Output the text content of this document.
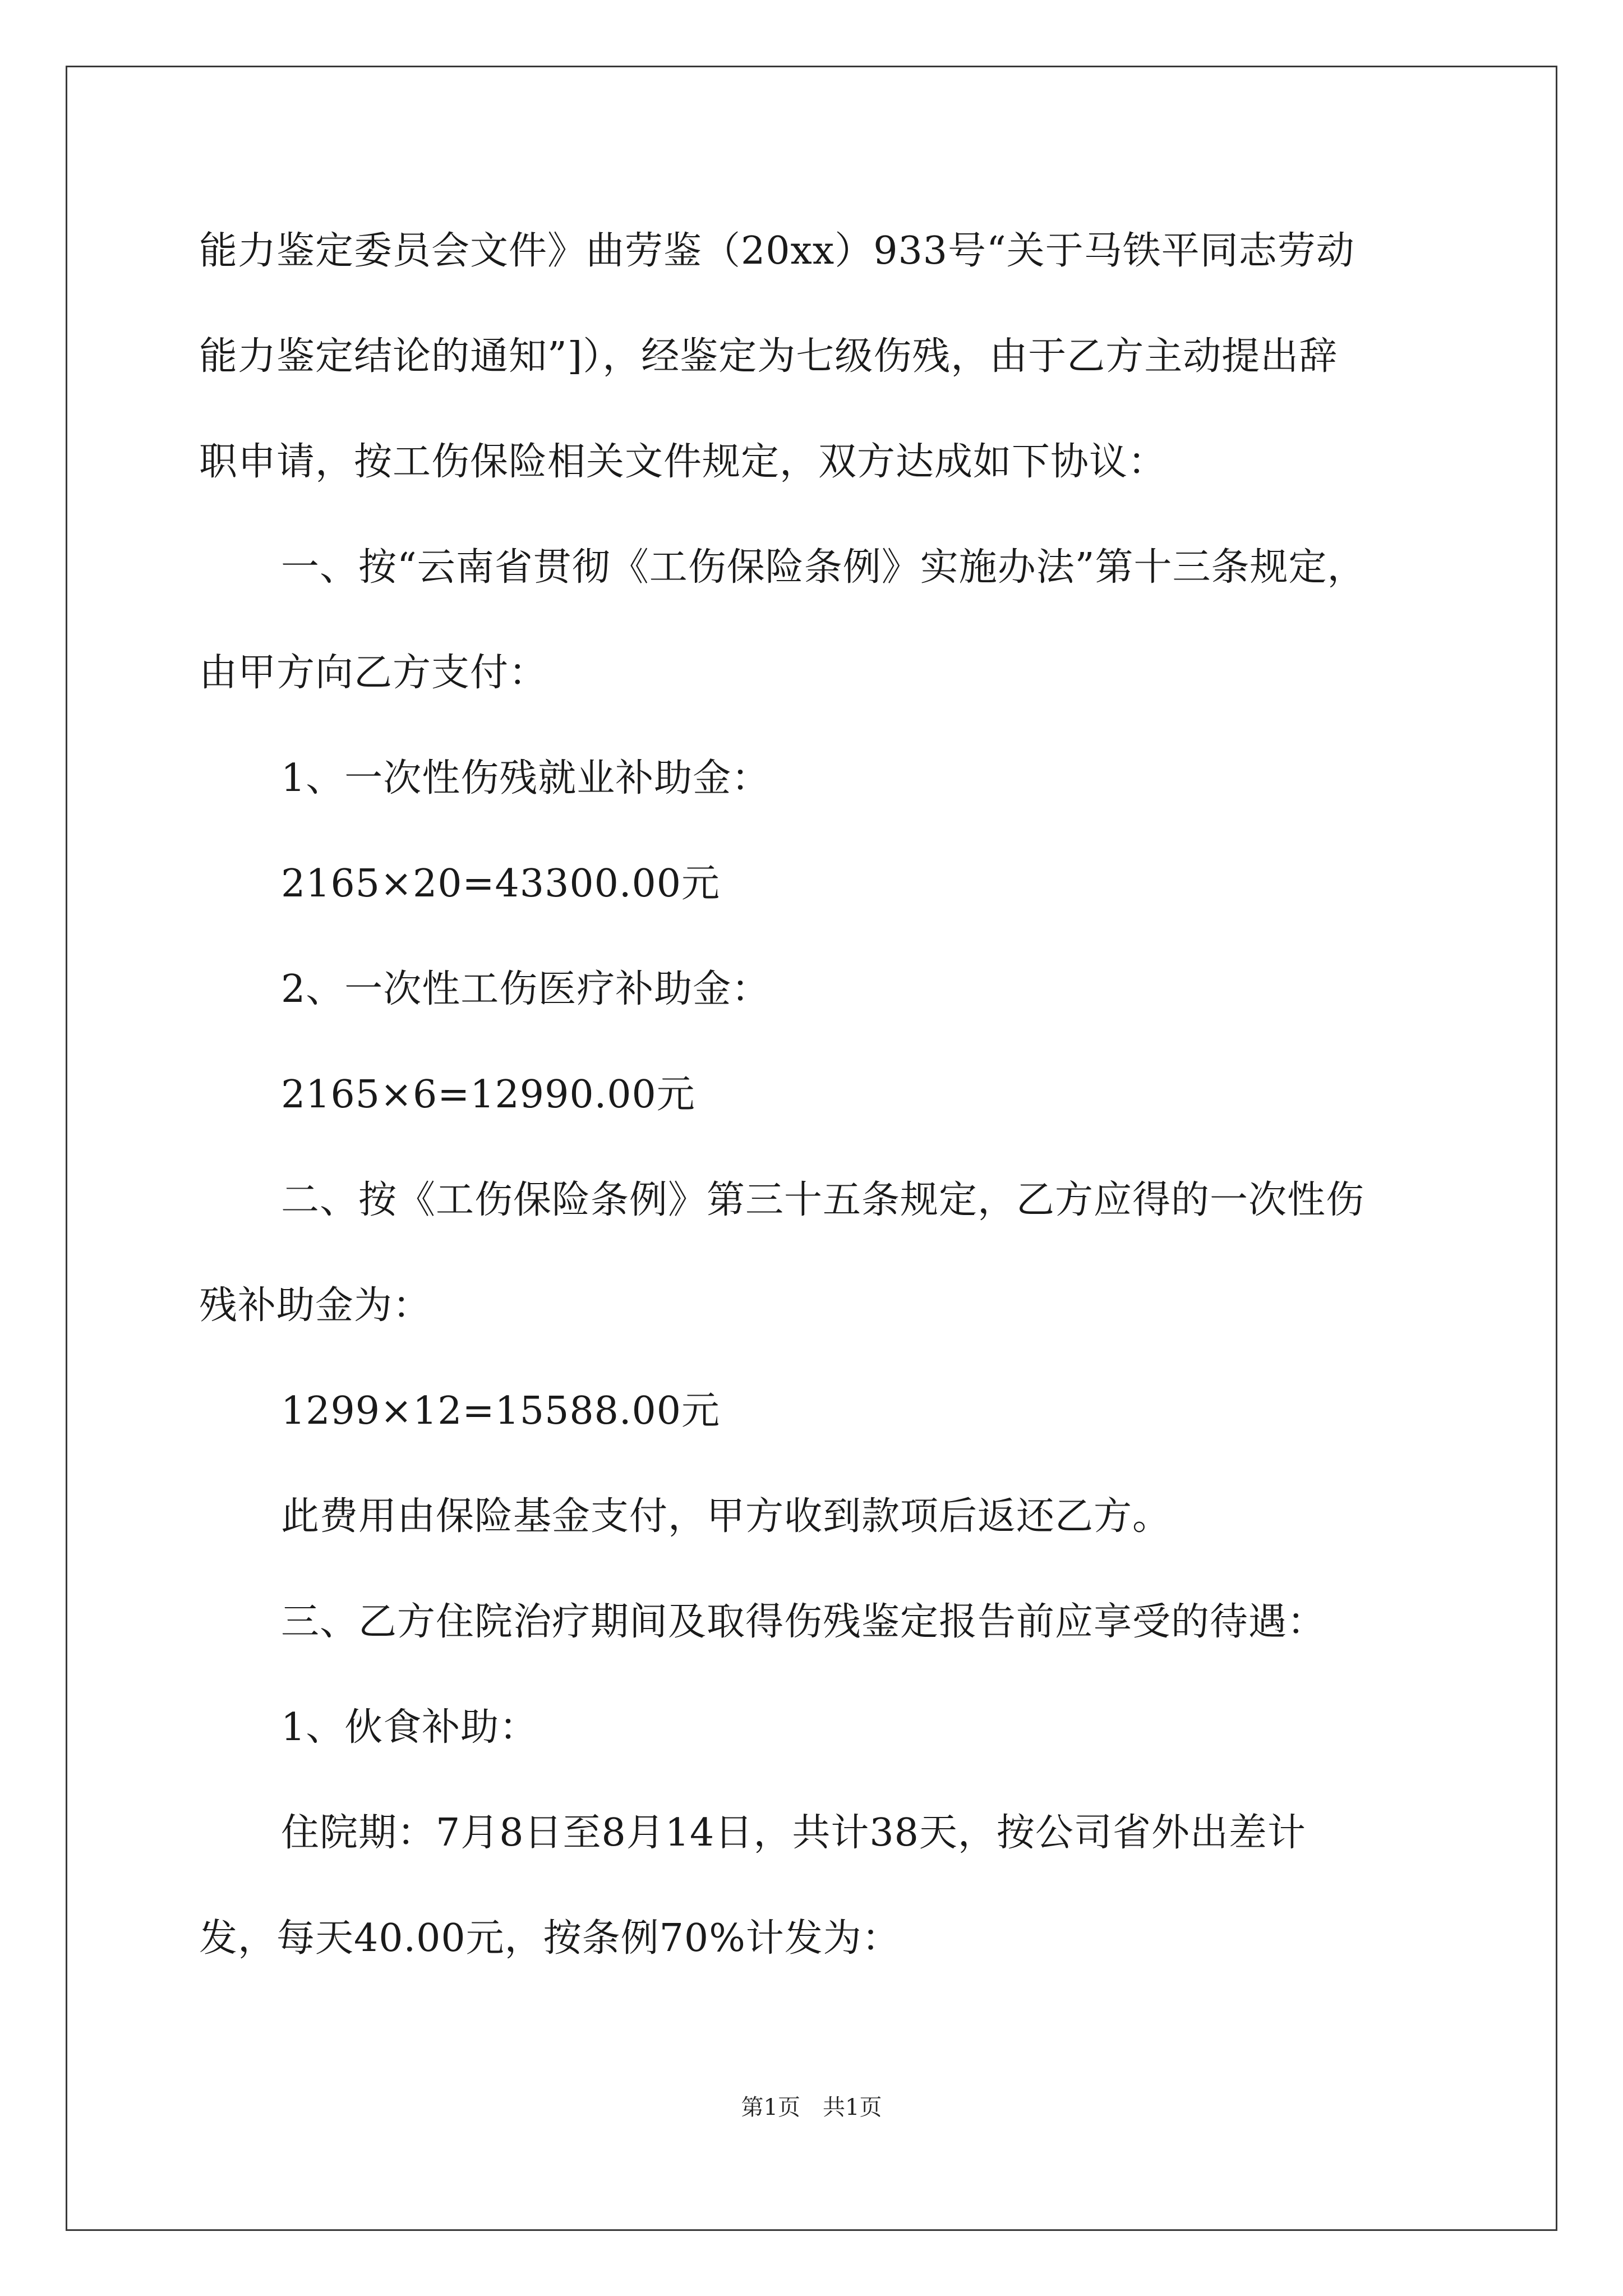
能力鉴定委员会文件》曲劳鉴（20xx）933号“关于马铁平同志劳动
能力鉴定结论的通知”]），经鉴定为七级伤残，由于乙方主动提出辞
职申请，按工伤保险相关文件规定，双方达成如下协议：
一、按“云南省贯彻《工伤保险条例》实施办法”第十三条规定，
由甲方向乙方支付：
1、一次性伤残就业补助金：
2165×20=43300.00元
2、一次性工伤医疗补助金：
2165×6=12990.00元
二、按《工伤保险条例》第三十五条规定，乙方应得的一次性伤
残补助金为：
1299×12=15588.00元
此费用由保险基金支付，甲方收到款项后返还乙方。
三、乙方住院治疗期间及取得伤残鉴定报告前应享受的待遇：
1、伙食补助：
住院期：7月8日至8月14日，共计38天，按公司省外出差计
发，每天40.00元，按条例70%计发为：
第1页　共1页
